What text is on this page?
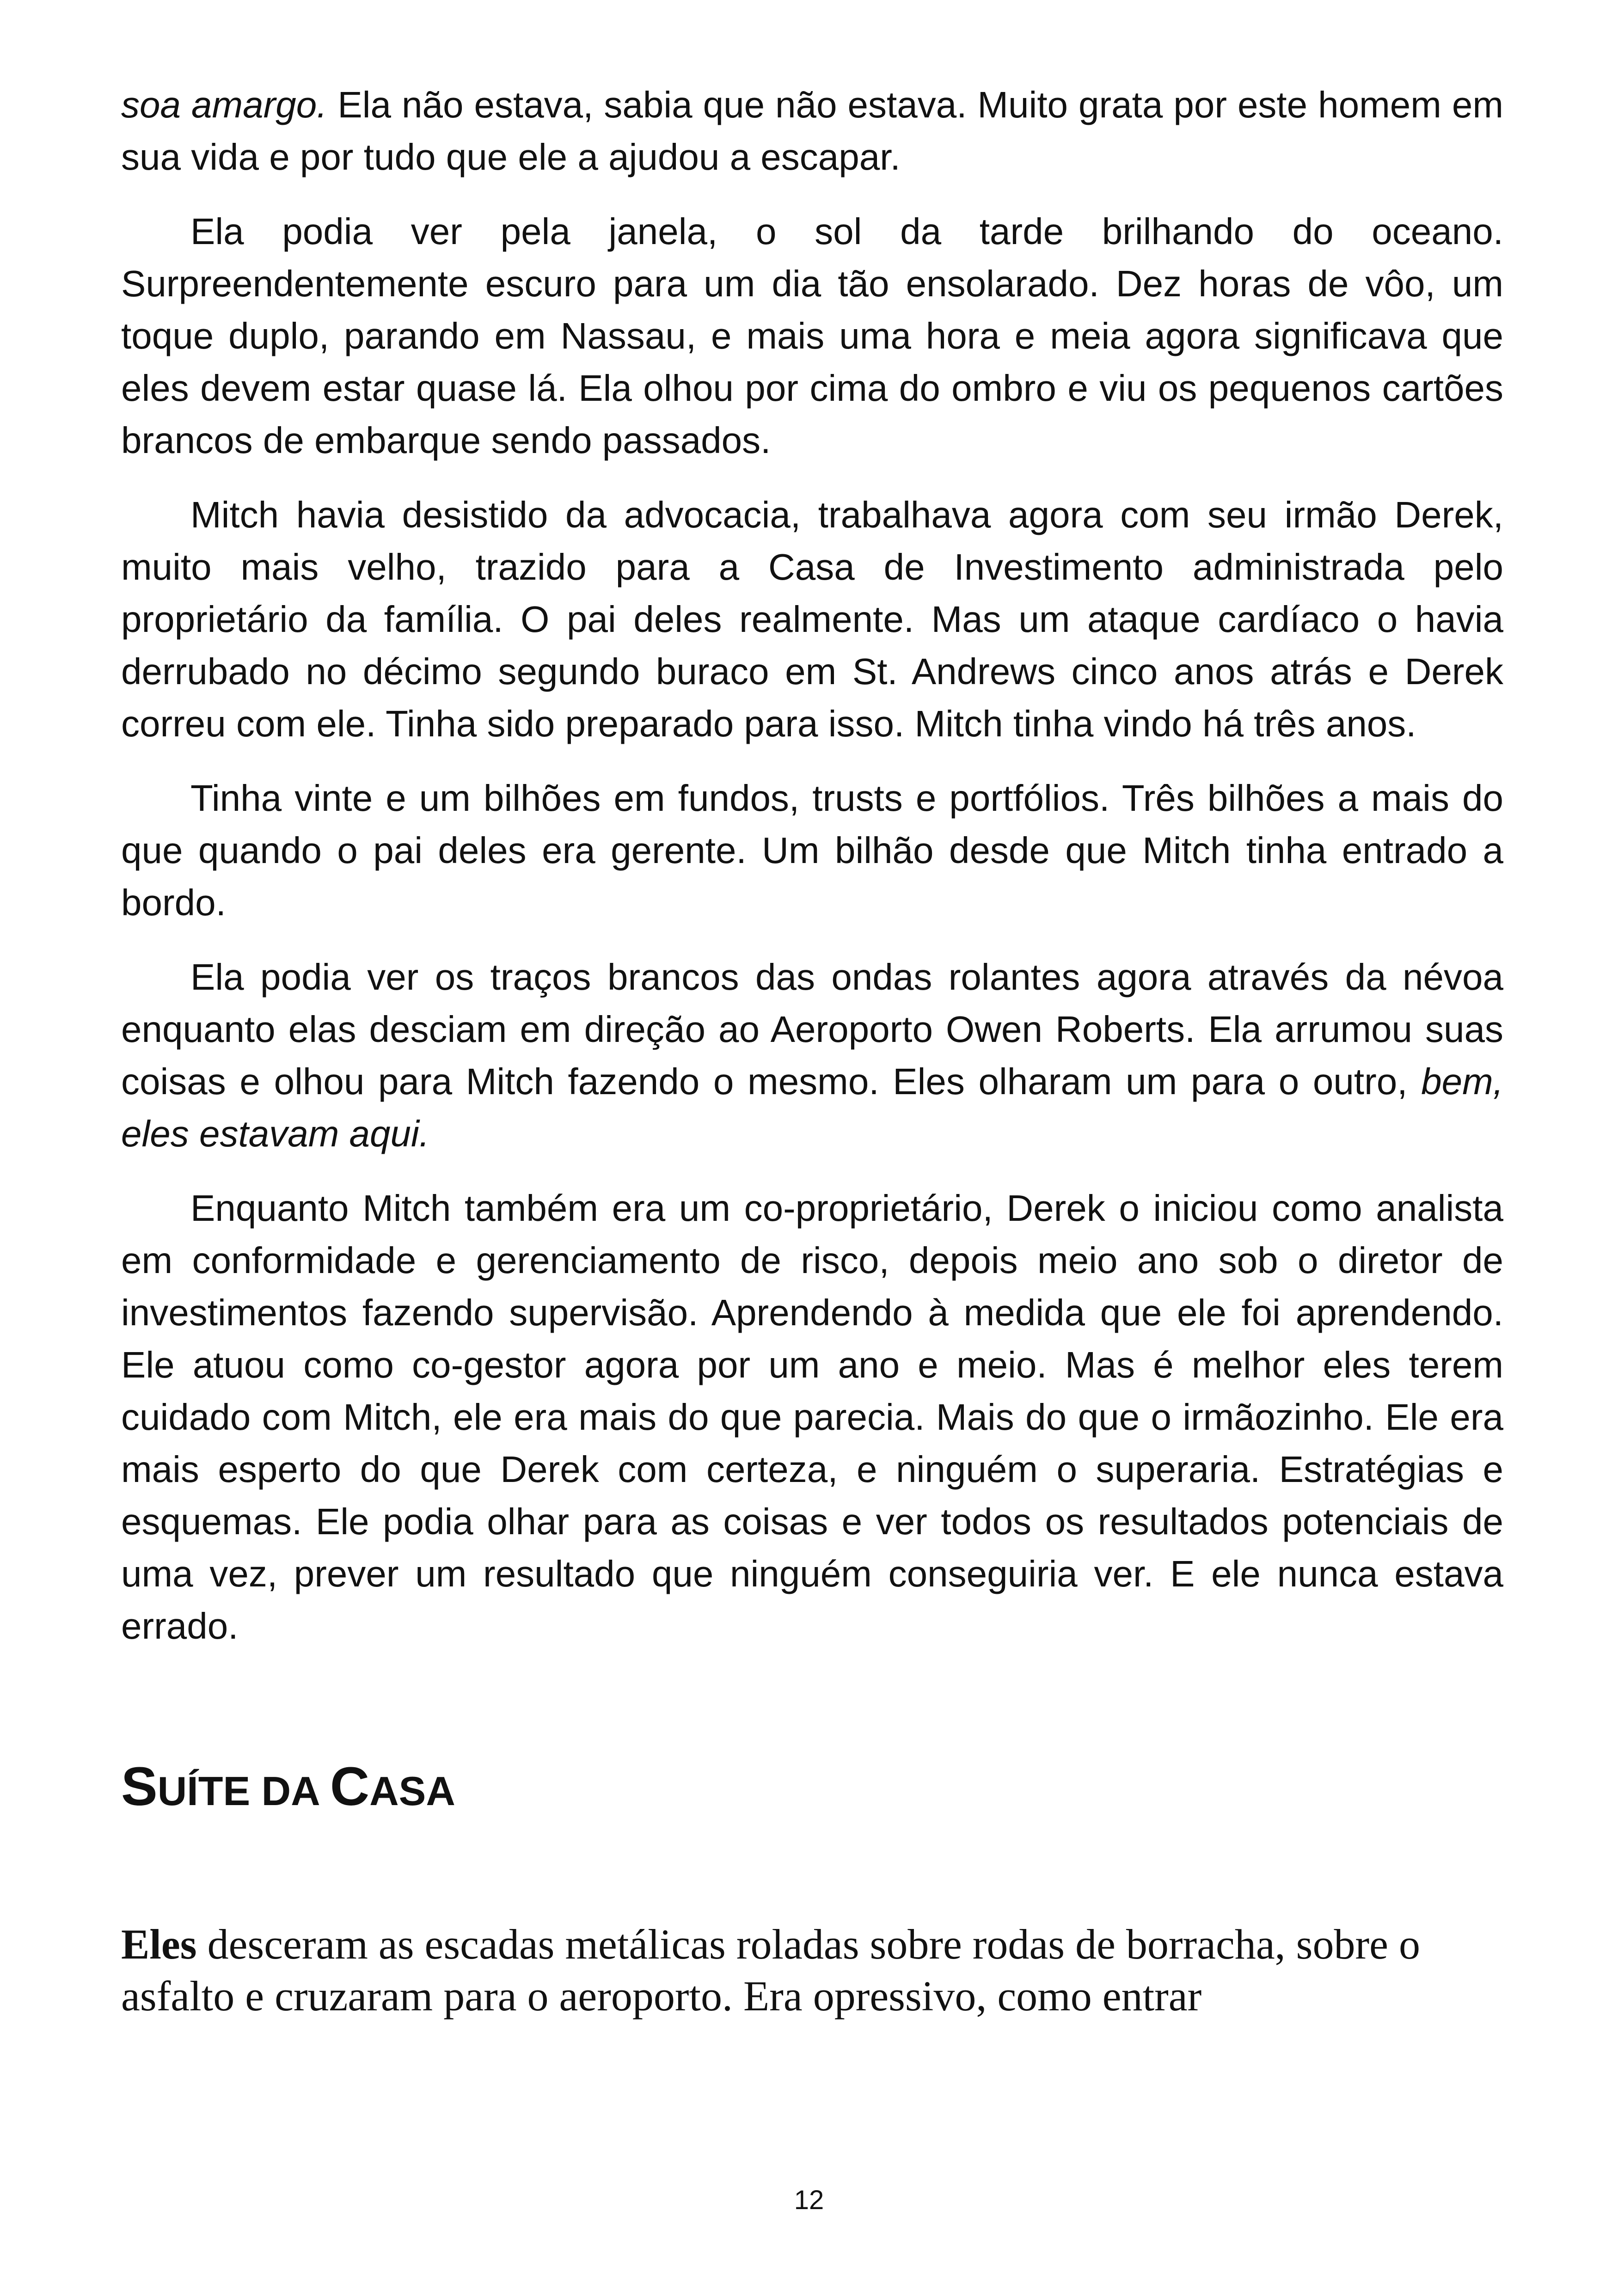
soa amargo. Ela não estava, sabia que não estava. Muito grata por este homem em sua vida e por tudo que ele a ajudou a escapar.

Ela podia ver pela janela, o sol da tarde brilhando do oceano. Surpreendentemente escuro para um dia tão ensolarado. Dez horas de vôo, um toque duplo, parando em Nassau, e mais uma hora e meia agora significava que eles devem estar quase lá. Ela olhou por cima do ombro e viu os pequenos cartões brancos de embarque sendo passados.

Mitch havia desistido da advocacia, trabalhava agora com seu irmão Derek, muito mais velho, trazido para a Casa de Investimento administrada pelo proprietário da família. O pai deles realmente. Mas um ataque cardíaco o havia derrubado no décimo segundo buraco em St. Andrews cinco anos atrás e Derek correu com ele. Tinha sido preparado para isso. Mitch tinha vindo há três anos.

Tinha vinte e um bilhões em fundos, trusts e portfólios. Três bilhões a mais do que quando o pai deles era gerente. Um bilhão desde que Mitch tinha entrado a bordo.

Ela podia ver os traços brancos das ondas rolantes agora através da névoa enquanto elas desciam em direção ao Aeroporto Owen Roberts. Ela arrumou suas coisas e olhou para Mitch fazendo o mesmo. Eles olharam um para o outro, bem, eles estavam aqui.

Enquanto Mitch também era um co-proprietário, Derek o iniciou como analista em conformidade e gerenciamento de risco, depois meio ano sob o diretor de investimentos fazendo supervisão. Aprendendo à medida que ele foi aprendendo. Ele atuou como co-gestor agora por um ano e meio. Mas é melhor eles terem cuidado com Mitch, ele era mais do que parecia. Mais do que o irmãozinho. Ele era mais esperto do que Derek com certeza, e ninguém o superaria. Estratégias e esquemas. Ele podia olhar para as coisas e ver todos os resultados potenciais de uma vez, prever um resultado que ninguém conseguiria ver. E ele nunca estava errado.

SUÍTE DA CASA

Eles desceram as escadas metálicas roladas sobre rodas de borracha, sobre o asfalto e cruzaram para o aeroporto. Era opressivo, como entrar

12
